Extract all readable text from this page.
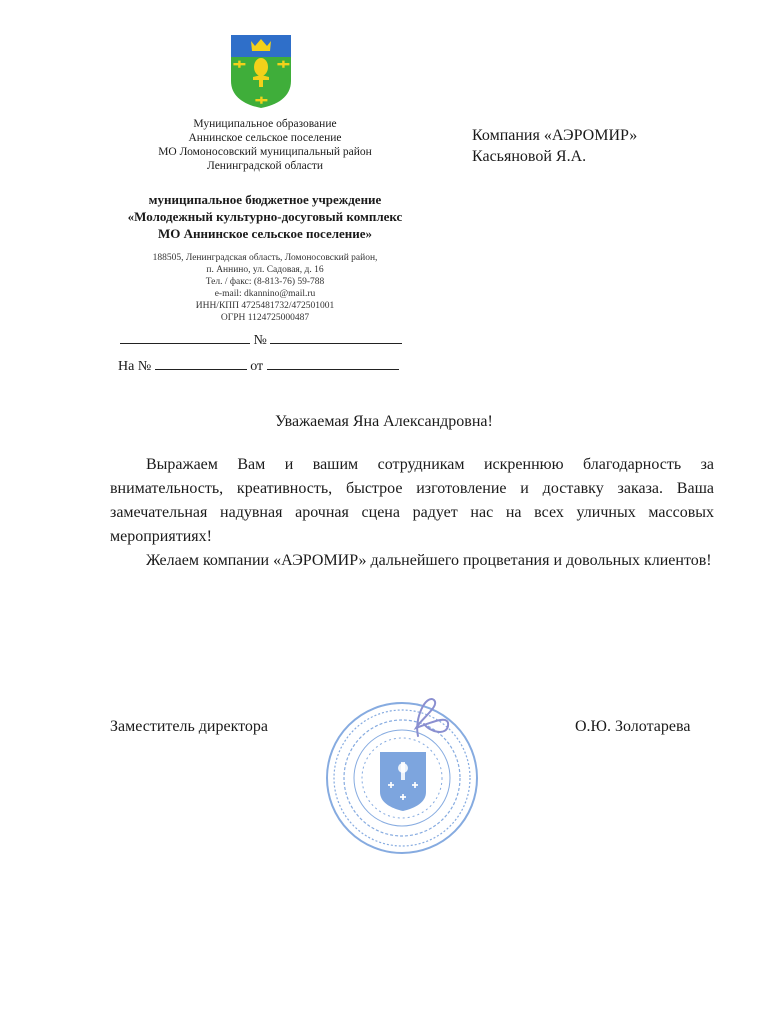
Муниципальное образование
Аннинское сельское поселение
МО Ломоносовский муниципальный район
Ленинградской области
муниципальное бюджетное учреждение
«Молодежный культурно-досуговый комплекс
МО Аннинское сельское поселение»
188505, Ленинградская область, Ломоносовский район,
п. Аннино, ул. Садовая, д. 16
Тел. / факс: (8-813-76) 59-788
e-mail: dkannino@mail.ru
ИНН/КПП 4725481732/472501001
ОГРН 1124725000487
№
На №	от
Компания «АЭРОМИР»
Касьяновой Я.А.
Уважаемая Яна Александровна!

Выражаем Вам и вашим сотрудникам искреннюю благодарность за внимательность, креативность, быстрое изготовление и доставку заказа. Ваша замечательная надувная арочная сцена радует нас на всех уличных массовых мероприятиях!

Желаем компании «АЭРОМИР» дальнейшего процветания и довольных клиентов!

Заместитель директора	О.Ю. Золотарева
